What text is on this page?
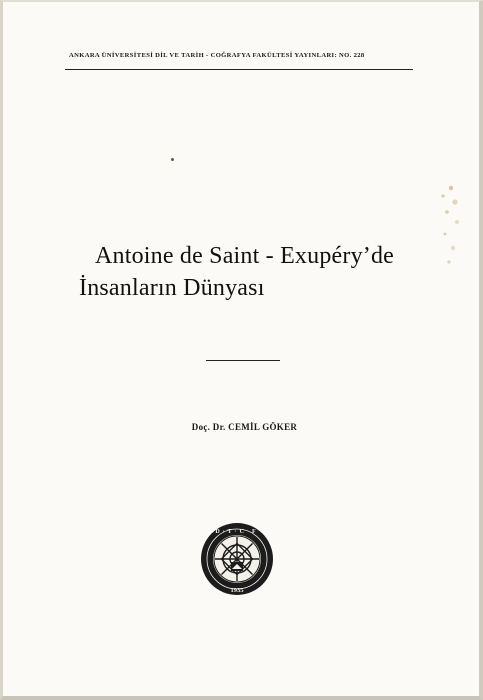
ANKARA ÜNİVERSİTESİ DİL VE TARİH - COĞRAFYA FAKÜLTESİ YAYINLARI: NO. 228
Antoine de Saint - Exupéry’de
İnsanların Dünyası
Doç. Dr. CEMİL GÖKER
D·T·C·F
1935
